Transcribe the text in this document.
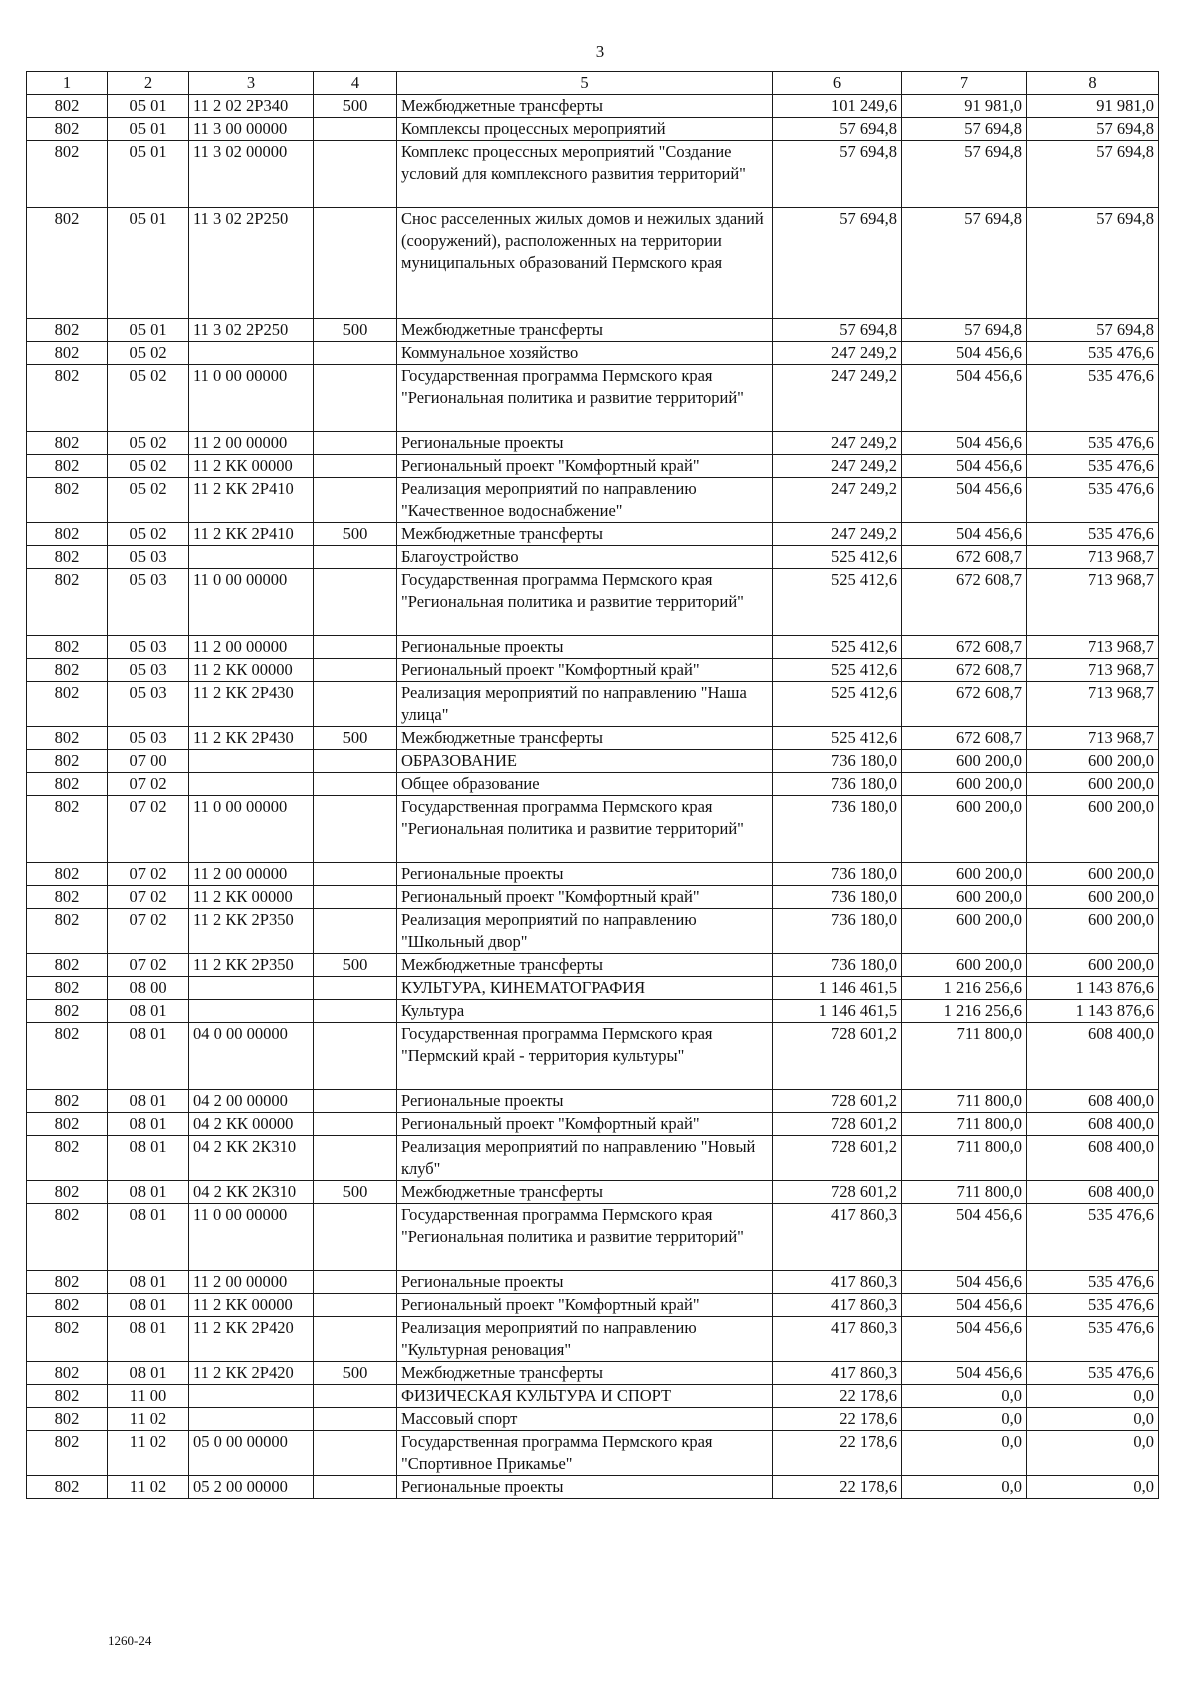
3
1	2	3	4	5	6	7	8
802	05 01	11 2 02 2Р340	500	Межбюджетные трансферты	101 249,6	91 981,0	91 981,0
802	05 01	11 3 00 00000		Комплексы процессных мероприятий	57 694,8	57 694,8	57 694,8
802	05 01	11 3 02 00000		Комплекс процессных мероприятий "Создание условий для комплексного развития территорий"	57 694,8	57 694,8	57 694,8
802	05 01	11 3 02 2Р250		Снос расселенных жилых домов и нежилых зданий (сооружений), расположенных на территории муниципальных образований Пермского края	57 694,8	57 694,8	57 694,8
802	05 01	11 3 02 2Р250	500	Межбюджетные трансферты	57 694,8	57 694,8	57 694,8
802	05 02			Коммунальное хозяйство	247 249,2	504 456,6	535 476,6
802	05 02	11 0 00 00000		Государственная программа Пермского края "Региональная политика и развитие территорий"	247 249,2	504 456,6	535 476,6
802	05 02	11 2 00 00000		Региональные проекты	247 249,2	504 456,6	535 476,6
802	05 02	11 2 КК 00000		Региональный проект "Комфортный край"	247 249,2	504 456,6	535 476,6
802	05 02	11 2 КК 2Р410		Реализация мероприятий по направлению "Качественное водоснабжение"	247 249,2	504 456,6	535 476,6
802	05 02	11 2 КК 2Р410	500	Межбюджетные трансферты	247 249,2	504 456,6	535 476,6
802	05 03			Благоустройство	525 412,6	672 608,7	713 968,7
802	05 03	11 0 00 00000		Государственная программа Пермского края "Региональная политика и развитие территорий"	525 412,6	672 608,7	713 968,7
802	05 03	11 2 00 00000		Региональные проекты	525 412,6	672 608,7	713 968,7
802	05 03	11 2 КК 00000		Региональный проект "Комфортный край"	525 412,6	672 608,7	713 968,7
802	05 03	11 2 КК 2Р430		Реализация мероприятий по направлению "Наша улица"	525 412,6	672 608,7	713 968,7
802	05 03	11 2 КК 2Р430	500	Межбюджетные трансферты	525 412,6	672 608,7	713 968,7
802	07 00			ОБРАЗОВАНИЕ	736 180,0	600 200,0	600 200,0
802	07 02			Общее образование	736 180,0	600 200,0	600 200,0
802	07 02	11 0 00 00000		Государственная программа Пермского края "Региональная политика и развитие территорий"	736 180,0	600 200,0	600 200,0
802	07 02	11 2 00 00000		Региональные проекты	736 180,0	600 200,0	600 200,0
802	07 02	11 2 КК 00000		Региональный проект "Комфортный край"	736 180,0	600 200,0	600 200,0
802	07 02	11 2 КК 2Р350		Реализация мероприятий по направлению "Школьный двор"	736 180,0	600 200,0	600 200,0
802	07 02	11 2 КК 2Р350	500	Межбюджетные трансферты	736 180,0	600 200,0	600 200,0
802	08 00			КУЛЬТУРА, КИНЕМАТОГРАФИЯ	1 146 461,5	1 216 256,6	1 143 876,6
802	08 01			Культура	1 146 461,5	1 216 256,6	1 143 876,6
802	08 01	04 0 00 00000		Государственная программа Пермского края "Пермский край - территория культуры"	728 601,2	711 800,0	608 400,0
802	08 01	04 2 00 00000		Региональные проекты	728 601,2	711 800,0	608 400,0
802	08 01	04 2 КК 00000		Региональный проект "Комфортный край"	728 601,2	711 800,0	608 400,0
802	08 01	04 2 КК 2К310		Реализация мероприятий по направлению "Новый клуб"	728 601,2	711 800,0	608 400,0
802	08 01	04 2 КК 2К310	500	Межбюджетные трансферты	728 601,2	711 800,0	608 400,0
802	08 01	11 0 00 00000		Государственная программа Пермского края "Региональная политика и развитие территорий"	417 860,3	504 456,6	535 476,6
802	08 01	11 2 00 00000		Региональные проекты	417 860,3	504 456,6	535 476,6
802	08 01	11 2 КК 00000		Региональный проект "Комфортный край"	417 860,3	504 456,6	535 476,6
802	08 01	11 2 КК 2Р420		Реализация мероприятий по направлению "Культурная реновация"	417 860,3	504 456,6	535 476,6
802	08 01	11 2 КК 2Р420	500	Межбюджетные трансферты	417 860,3	504 456,6	535 476,6
802	11 00			ФИЗИЧЕСКАЯ КУЛЬТУРА И СПОРТ	22 178,6	0,0	0,0
802	11 02			Массовый спорт	22 178,6	0,0	0,0
802	11 02	05 0 00 00000		Государственная программа Пермского края "Спортивное Прикамье"	22 178,6	0,0	0,0
802	11 02	05 2 00 00000		Региональные проекты	22 178,6	0,0	0,0
1260-24
